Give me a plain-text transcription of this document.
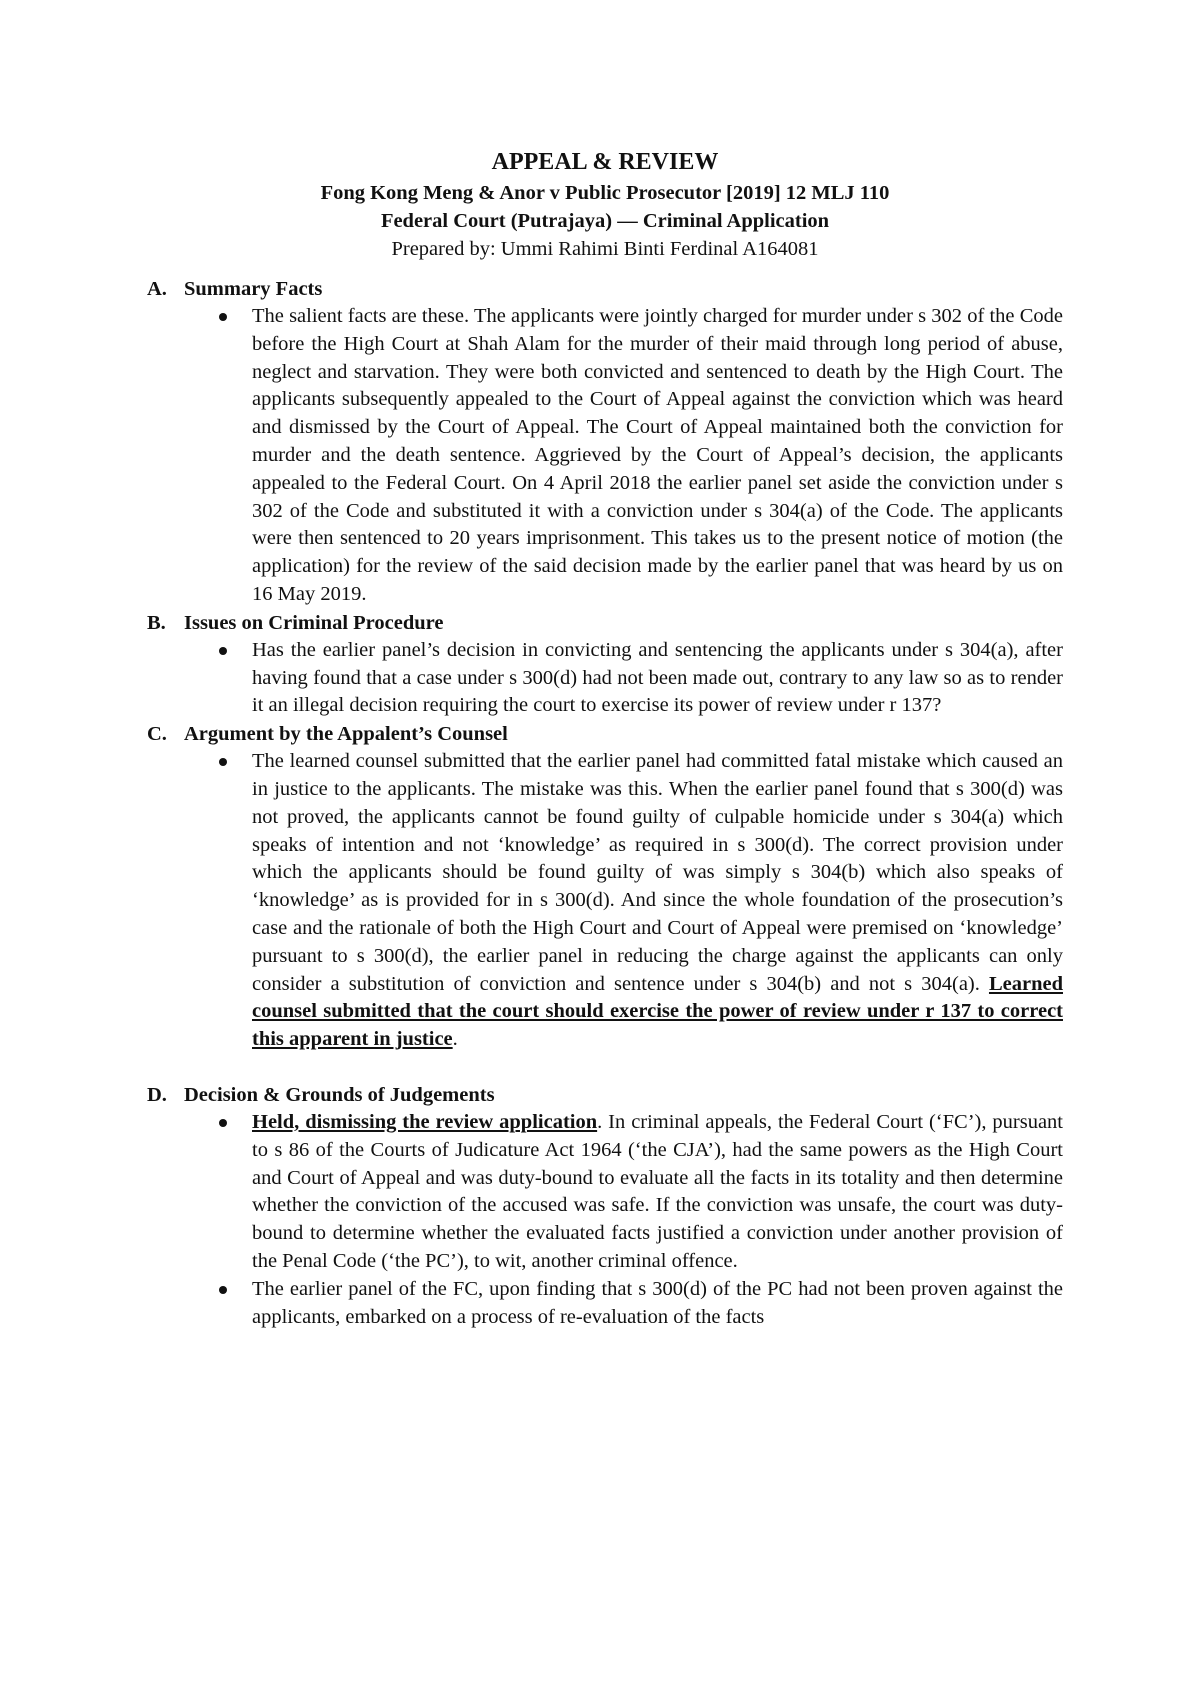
APPEAL & REVIEW
Fong Kong Meng & Anor v Public Prosecutor [2019] 12 MLJ 110
Federal Court (Putrajaya) — Criminal Application
Prepared by: Ummi Rahimi Binti Ferdinal A164081
A. Summary Facts
The salient facts are these. The applicants were jointly charged for murder under s 302 of the Code before the High Court at Shah Alam for the murder of their maid through long period of abuse, neglect and starvation. They were both convicted and sentenced to death by the High Court. The applicants subsequently appealed to the Court of Appeal against the conviction which was heard and dismissed by the Court of Appeal. The Court of Appeal maintained both the conviction for murder and the death sentence. Aggrieved by the Court of Appeal’s decision, the applicants appealed to the Federal Court. On 4 April 2018 the earlier panel set aside the conviction under s 302 of the Code and substituted it with a conviction under s 304(a) of the Code. The applicants were then sentenced to 20 years imprisonment. This takes us to the present notice of motion (the application) for the review of the said decision made by the earlier panel that was heard by us on 16 May 2019.
B. Issues on Criminal Procedure
Has the earlier panel’s decision in convicting and sentencing the applicants under s 304(a), after having found that a case under s 300(d) had not been made out, contrary to any law so as to render it an illegal decision requiring the court to exercise its power of review under r 137?
C. Argument by the Appalent’s Counsel
The learned counsel submitted that the earlier panel had committed fatal mistake which caused an in justice to the applicants. The mistake was this. When the earlier panel found that s 300(d) was not proved, the applicants cannot be found guilty of culpable homicide under s 304(a) which speaks of intention and not ‘knowledge’ as required in s 300(d). The correct provision under which the applicants should be found guilty of was simply s 304(b) which also speaks of ‘knowledge’ as is provided for in s 300(d). And since the whole foundation of the prosecution’s case and the rationale of both the High Court and Court of Appeal were premised on ‘knowledge’ pursuant to s 300(d), the earlier panel in reducing the charge against the applicants can only consider a substitution of conviction and sentence under s 304(b) and not s 304(a). Learned counsel submitted that the court should exercise the power of review under r 137 to correct this apparent in justice.
D. Decision & Grounds of Judgements
Held, dismissing the review application. In criminal appeals, the Federal Court (‘FC’), pursuant to s 86 of the Courts of Judicature Act 1964 (‘the CJA’), had the same powers as the High Court and Court of Appeal and was duty-bound to evaluate all the facts in its totality and then determine whether the conviction of the accused was safe. If the conviction was unsafe, the court was duty-bound to determine whether the evaluated facts justified a conviction under another provision of the Penal Code (‘the PC’), to wit, another criminal offence.
The earlier panel of the FC, upon finding that s 300(d) of the PC had not been proven against the applicants, embarked on a process of re-evaluation of the facts
